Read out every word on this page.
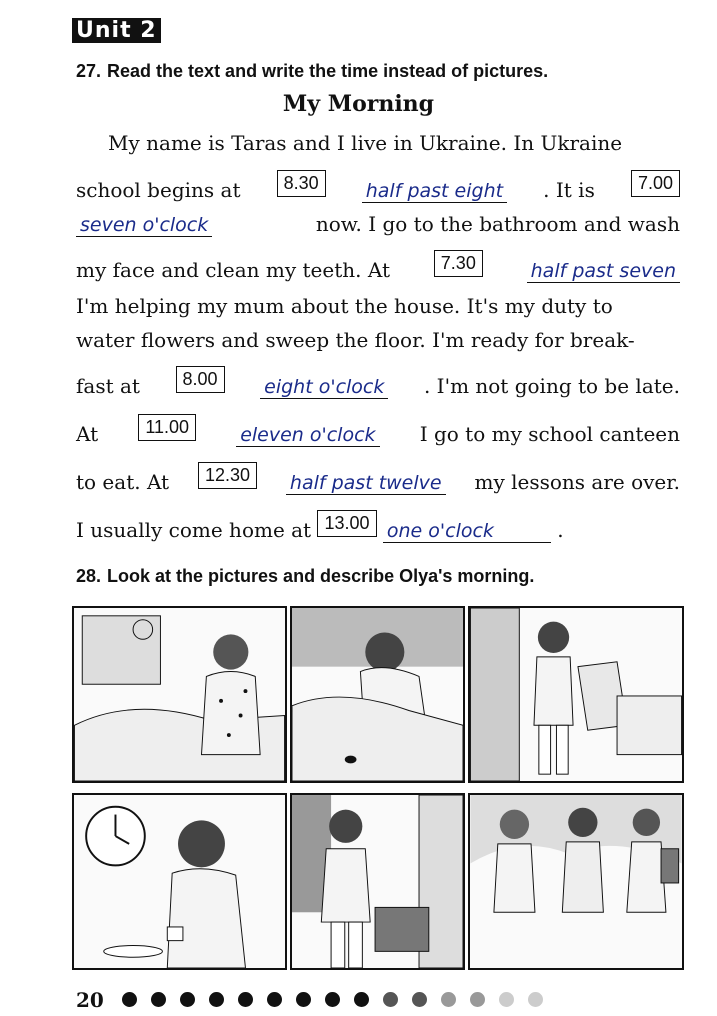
Unit 2
27. Read the text and write the time instead of pictures.
My Morning
My name is Taras and I live in Ukraine. In Ukraine
school begins at	8.30	half past eight . It is	7.00
seven o'clock	now. I go to the bathroom and wash
my face and clean my teeth. At	7.30	half past seven
I'm helping my mum about the house. It's my duty to
water flowers and sweep the floor. I'm ready for break-
fast at	8.00	eight o'clock . I'm not going to be late.
At	11.00	eleven o'clock I go to my school canteen
to eat. At	12.30	half past twelve my lessons are over.
I usually come home at 13.00 one o'clock	.
28. Look at the pictures and describe Olya's morning.
20
